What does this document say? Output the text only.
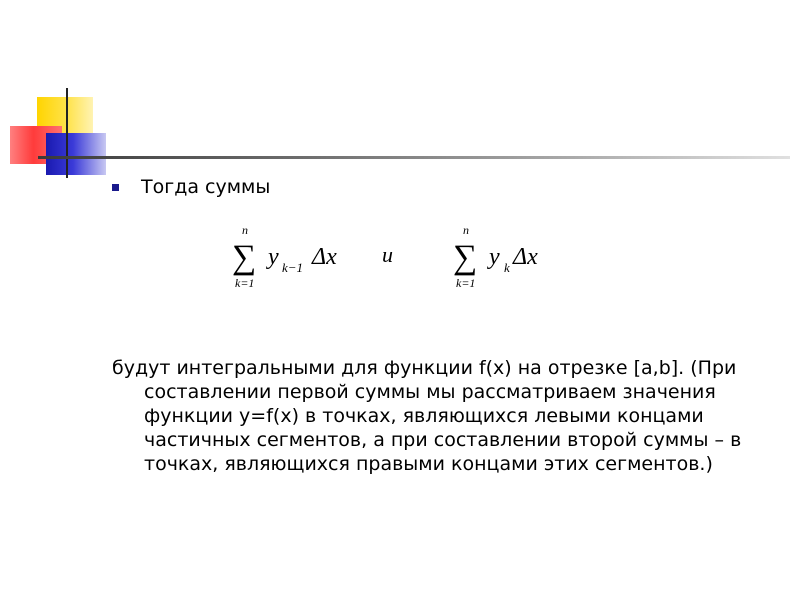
Тогда суммы
n
∑
k=1
y k−1 Δx и
n
∑
k=1
y k Δx
будут интегральными для функции f(x) на отрезке [a,b]. (При составлении первой суммы мы рассматриваем значения функции y=f(x) в точках, являющихся левыми концами частичных сегментов, а при составлении второй суммы – в точках, являющихся правыми концами этих сегментов.)
